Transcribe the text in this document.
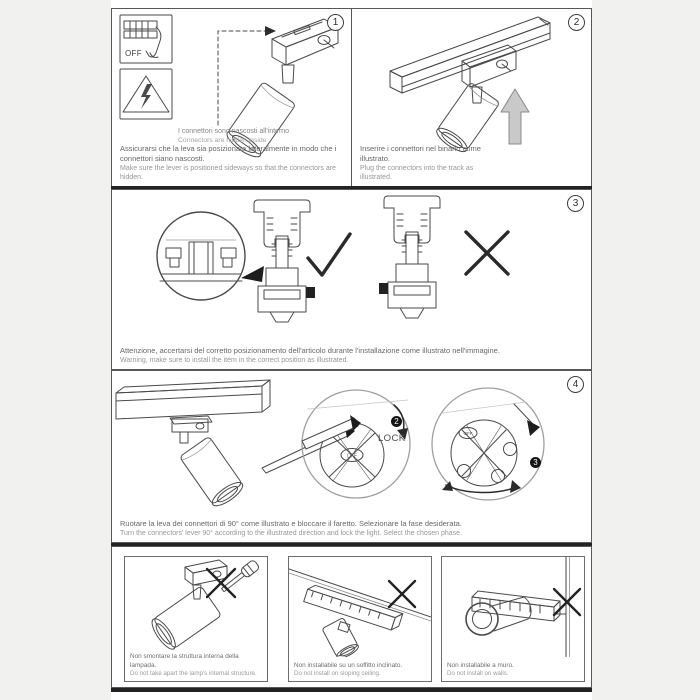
OFF
I connettori sono nascosti all'interno
Connectors are hidden inside
1
Assicurarsi che la leva sia posizionata lateralmente in modo che i connettori siano nascosti.
Make sure the lever is positioned sideways so that the connectors are hidden.
2
Inserire i connettori nel binario come illustrato.
Plug the connectors into the track as illustrated.
3
Attenzione, accertarsi del corretto posizionamento dell'articolo durante l'installazione come illustrato nell'immagine.
Warning, make sure to install the item in the correct position as illustrated.
OFF
OFF
LOCK
2
3
4
Ruotare la leva dei connettori di 90° come illustrato e bloccare il faretto. Selezionare la fase desiderata.
Turn the connectors' lever 90° according to the illustrated direction and lock the light. Select the chosen phase.
Non smontare la struttura interna della lampada.
Do not take apart the lamp's internal structure.
Non installabile su un soffitto inclinato.
Do not install on sloping ceiling.
Non installabile a muro.
Do not install on walls.
